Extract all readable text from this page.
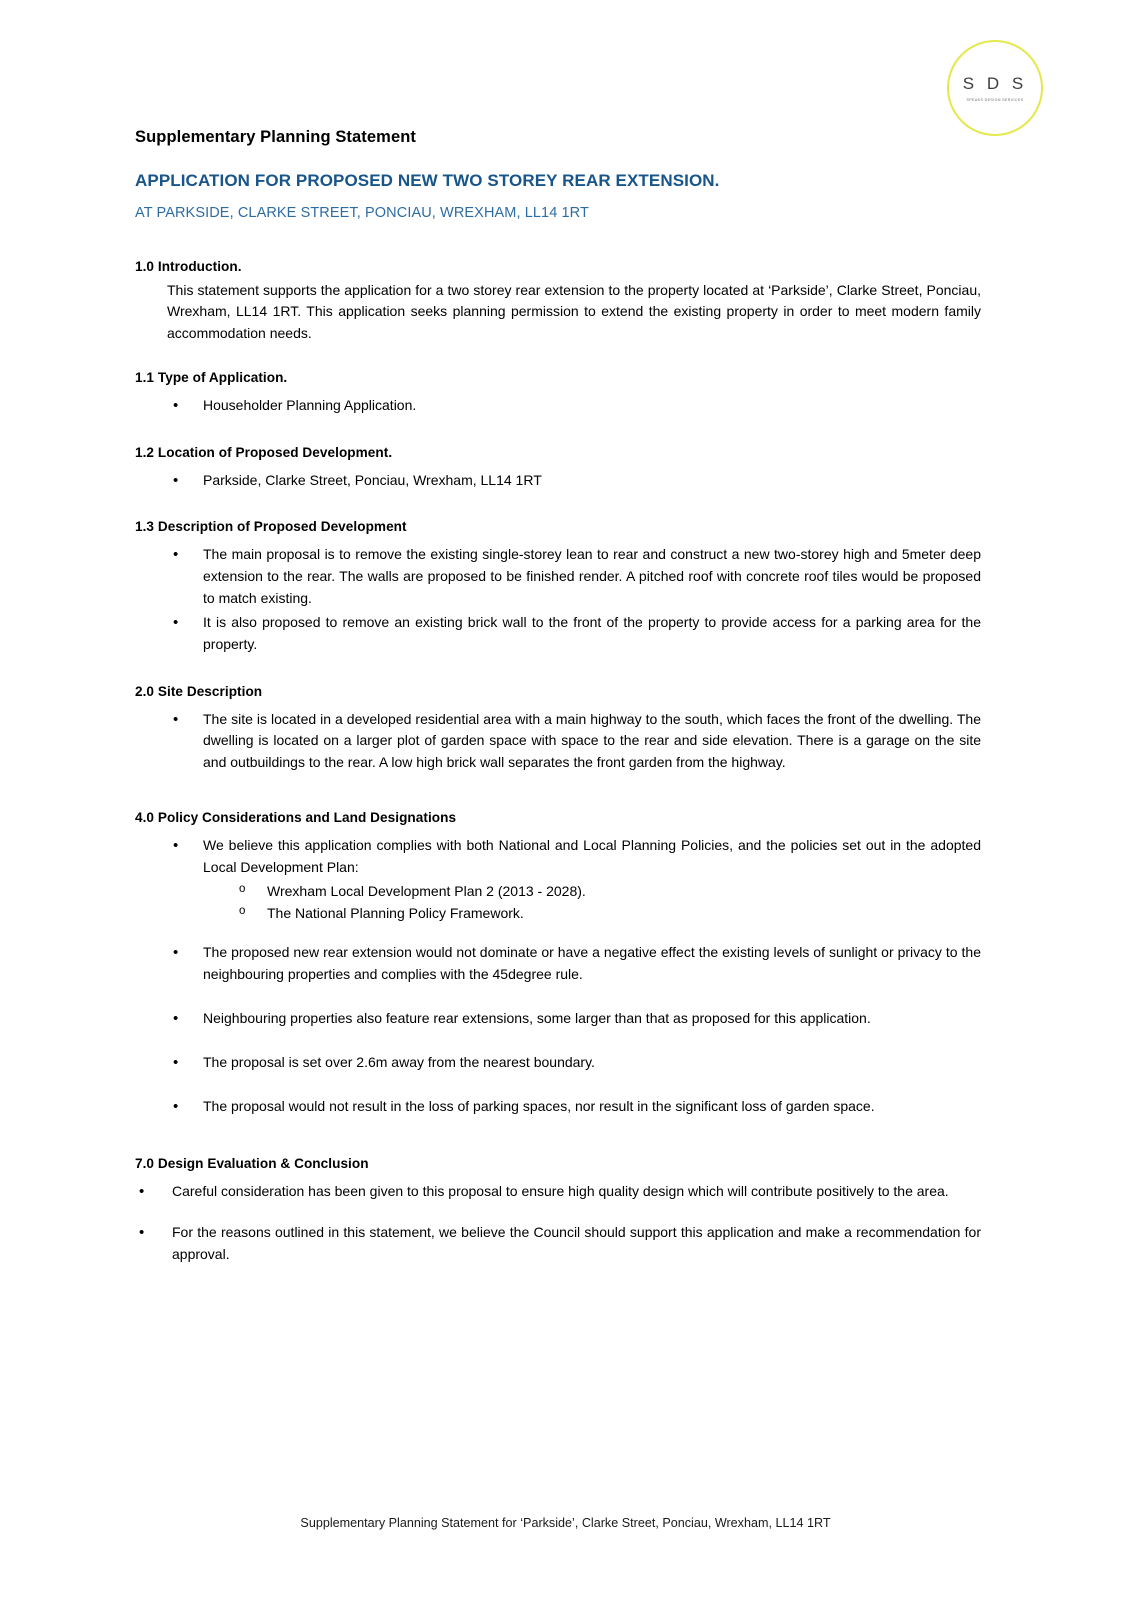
S D S
SPEAKS DESIGN SERVICES
Supplementary Planning Statement
APPLICATION FOR PROPOSED NEW TWO STOREY REAR EXTENSION.
AT PARKSIDE, CLARKE STREET, PONCIAU, WREXHAM, LL14 1RT
1.0 Introduction.

This statement supports the application for a two storey rear extension to the property located at ‘Parkside’, Clarke Street, Ponciau, Wrexham, LL14 1RT. This application seeks planning permission to extend the existing property in order to meet modern family accommodation needs.

1.1 Type of Application.
• Householder Planning Application.
1.2 Location of Proposed Development.
• Parkside, Clarke Street, Ponciau, Wrexham, LL14 1RT
1.3 Description of Proposed Development
• The main proposal is to remove the existing single-storey lean to rear and construct a new two-storey high and 5meter deep extension to the rear. The walls are proposed to be finished render. A pitched roof with concrete roof tiles would be proposed to match existing.
• It is also proposed to remove an existing brick wall to the front of the property to provide access for a parking area for the property.
2.0 Site Description
• The site is located in a developed residential area with a main highway to the south, which faces the front of the dwelling. The dwelling is located on a larger plot of garden space with space to the rear and side elevation. There is a garage on the site and outbuildings to the rear. A low high brick wall separates the front garden from the highway.
4.0 Policy Considerations and Land Designations
• We believe this application complies with both National and Local Planning Policies, and the policies set out in the adopted Local Development Plan:
o Wrexham Local Development Plan 2 (2013 - 2028).
o The National Planning Policy Framework.
• The proposed new rear extension would not dominate or have a negative effect the existing levels of sunlight or privacy to the neighbouring properties and complies with the 45degree rule.
• Neighbouring properties also feature rear extensions, some larger than that as proposed for this application.
• The proposal is set over 2.6m away from the nearest boundary.
• The proposal would not result in the loss of parking spaces, nor result in the significant loss of garden space.
7.0 Design Evaluation & Conclusion
• Careful consideration has been given to this proposal to ensure high quality design which will contribute positively to the area.
• For the reasons outlined in this statement, we believe the Council should support this application and make a recommendation for approval.
Supplementary Planning Statement for ‘Parkside’, Clarke Street, Ponciau, Wrexham, LL14 1RT
